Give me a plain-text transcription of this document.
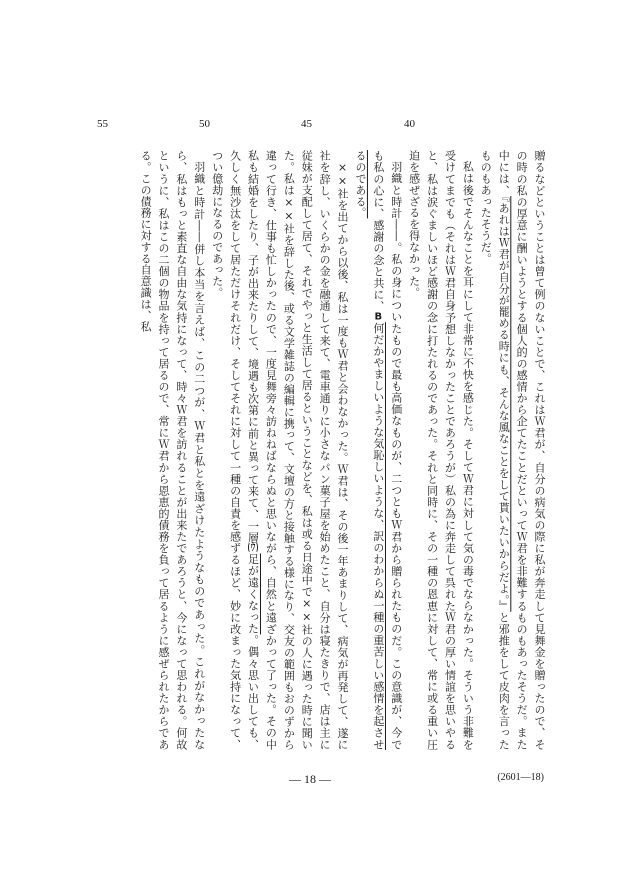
55	50	45	40

贈るなどということは曾て例のないことで、これはＷ君が、自分の病気の際に私が奔走して見舞金を贈ったので、その時の私の厚意に酬いようとする個人的の感情から企てたことだといってＷ君を非難するものもあったそうだ。また中には、『あれはＷ君が自分が罷める時にも、そんな風なことをして貰いたいからだよ。』と邪推をして皮肉を言ったものもあったそうだ。

私は後でそんなことを耳にして非常に不快を感じた。そしてＷ君に対して気の毒でならなかった。そういう非難を受けてまでも（それはＷ君自身予想しなかったことであろうが）私の為に奔走して呉れたＷ君の厚い情誼を思いやると、私は涙ぐましいほど感謝の念に打たれるのであった。それと同時に、その一種の恩恵に対して、常に或る重い圧迫を感ぜざるを得なかった。

羽織と時計――。私の身についたもので最も高価なものが、二つともＷ君から贈られたものだ。この意識が、今でも私の心に、感謝の念と共に、B何だかやましいような気恥しいような、訳のわからぬ一種の重苦しい感情を起させるのである。

××社を出てから以後、私は一度もＷ君と会わなかった。Ｗ君は、その後一年あまりして、病気が再発して、遂に社を辞し、いくらかの金を融通して来て、電車通りに小さなパン菓子屋を始めたこと、自分は寝たきりで、店は主に従妹が支配して居て、それでやっと生活して居るということなどを、私は或る日途中で××社の人に遇った時に聞いた。私は××社を辞した後、或る文学雑誌の編輯に携って、文壇の方と接触する様になり、交友の範囲もおのずから違って行き、仕事も忙しかったので、一度見舞旁々訪ねねばならぬと思いながら、自然と遠ざかって了った。その中私も結婚をしたり、子が出来たりして、境遇も次第に前と異って来て、一層(ウ)足が遠くなった。偶々思い出しても、久しく無沙汰をして居ただけそれだけ、そしてそれに対して一種の自責を感ずるほど、妙に改まった気持になって、つい億劫になるのであった。

羽織と時計――併し本当を言えば、この二つが、Ｗ君と私とを遠ざけたようなものであった。これがなかったなら、私はもっと素直な自由な気持になって、時々Ｗ君を訪れることが出来たであろうと、今になって思われる。何故というに、私はこの二個の物品を持って居るので、常にＷ君から恩恵的債務を負って居るように感ぜられたからである。この債務に対する自意識は、私

― 18 ―	(2601―18)
